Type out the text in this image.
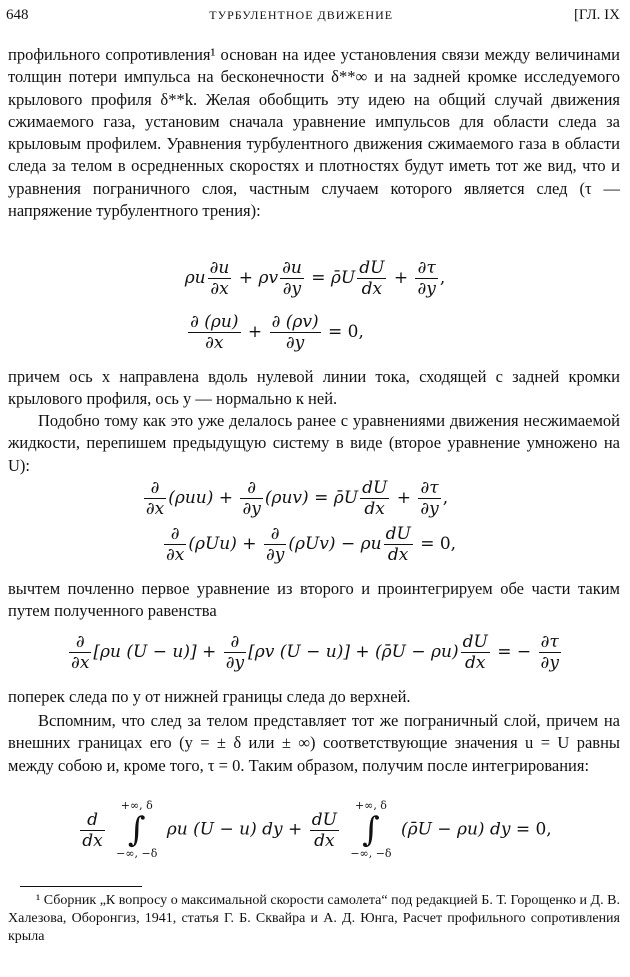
648	ТУРБУЛЕНТНОЕ ДВИЖЕНИЕ	[ГЛ. IX

профильного сопротивления¹ основан на идее установления связи между величинами толщин потери импульса на бесконечности δ**∞ и на задней кромке исследуемого крылового профиля δ**k. Желая обобщить эту идею на общий случай движения сжимаемого газа, установим сначала уравнение импульсов для области следа за крыловым профилем. Уравнения турбулентного движения сжимаемого газа в области следа за телом в осредненных скоростях и плотностях будут иметь тот же вид, что и уравнения пограничного слоя, частным случаем которого является след (τ — напряжение турбулентного трения):

ρu $\frac{\partial u}{\partial x} + \rho v \frac{\partial u}{\partial y}$ = ρ̄U $\frac{dU}{dx} + \frac{\partial\tau}{\partial y}$ ,
$\frac{\partial (\rho u)}{\partial x} + \frac{\partial (\rho v)}{\partial y} = 0$,

причем ось x направлена вдоль нулевой линии тока, сходящей с задней кромки крылового профиля, ось y — нормально к ней.

Подобно тому как это уже делалось ранее с уравнениями движения несжимаемой жидкости, перепишем предыдущую систему в виде (второе уравнение умножено на U):

$\frac{\partial}{\partial x} (\rho uu) + \frac{\partial}{\partial y} (\rho uv)$ = ρ̄U $\frac{dU}{dx} + \frac{\partial\tau}{\partial y}$ ,
$\frac{\partial}{\partial x} (\rho Uu) + \frac{\partial}{\partial y} (\rho Uv) - \rho u \frac{dU}{dx} = 0$,

вычтем почленно первое уравнение из второго и проинтегрируем обе части таким путем полученного равенства

$\frac{\partial}{\partial x} [\rho u$ $(U - u)] + \frac{\partial}{\partial y} [\rho v$ (U − u)] + (ρ̄U − $\rho u) \frac{dU}{dx}$ = − $\frac{\partial\tau}{\partial y}$

поперек следа по y от нижней границы следа до верхней.

Вспомним, что след за телом представляет тот же пограничный слой, причем на внешних границах его (y = ± δ или ± ∞) соответствующие значения u = U равны между собою и, кроме того, τ = 0. Таким образом, получим после интегрирования:

$\frac{d}{dx}$

+∞, δ
∫
−∞, −δ
ρu (U − u) dy + $\frac{dU}{dx}$

+∞, δ
∫
−∞, −δ
(ρ̄U − ρu) dy = 0,

¹ Сборник „К вопросу о максимальной скорости самолета“ под редакцией Б. Т. Горощенко и Д. В. Халезова, Оборонгиз, 1941, статья Г. Б. Сквайра и А. Д. Юнга, Расчет профильного сопротивления крыла
